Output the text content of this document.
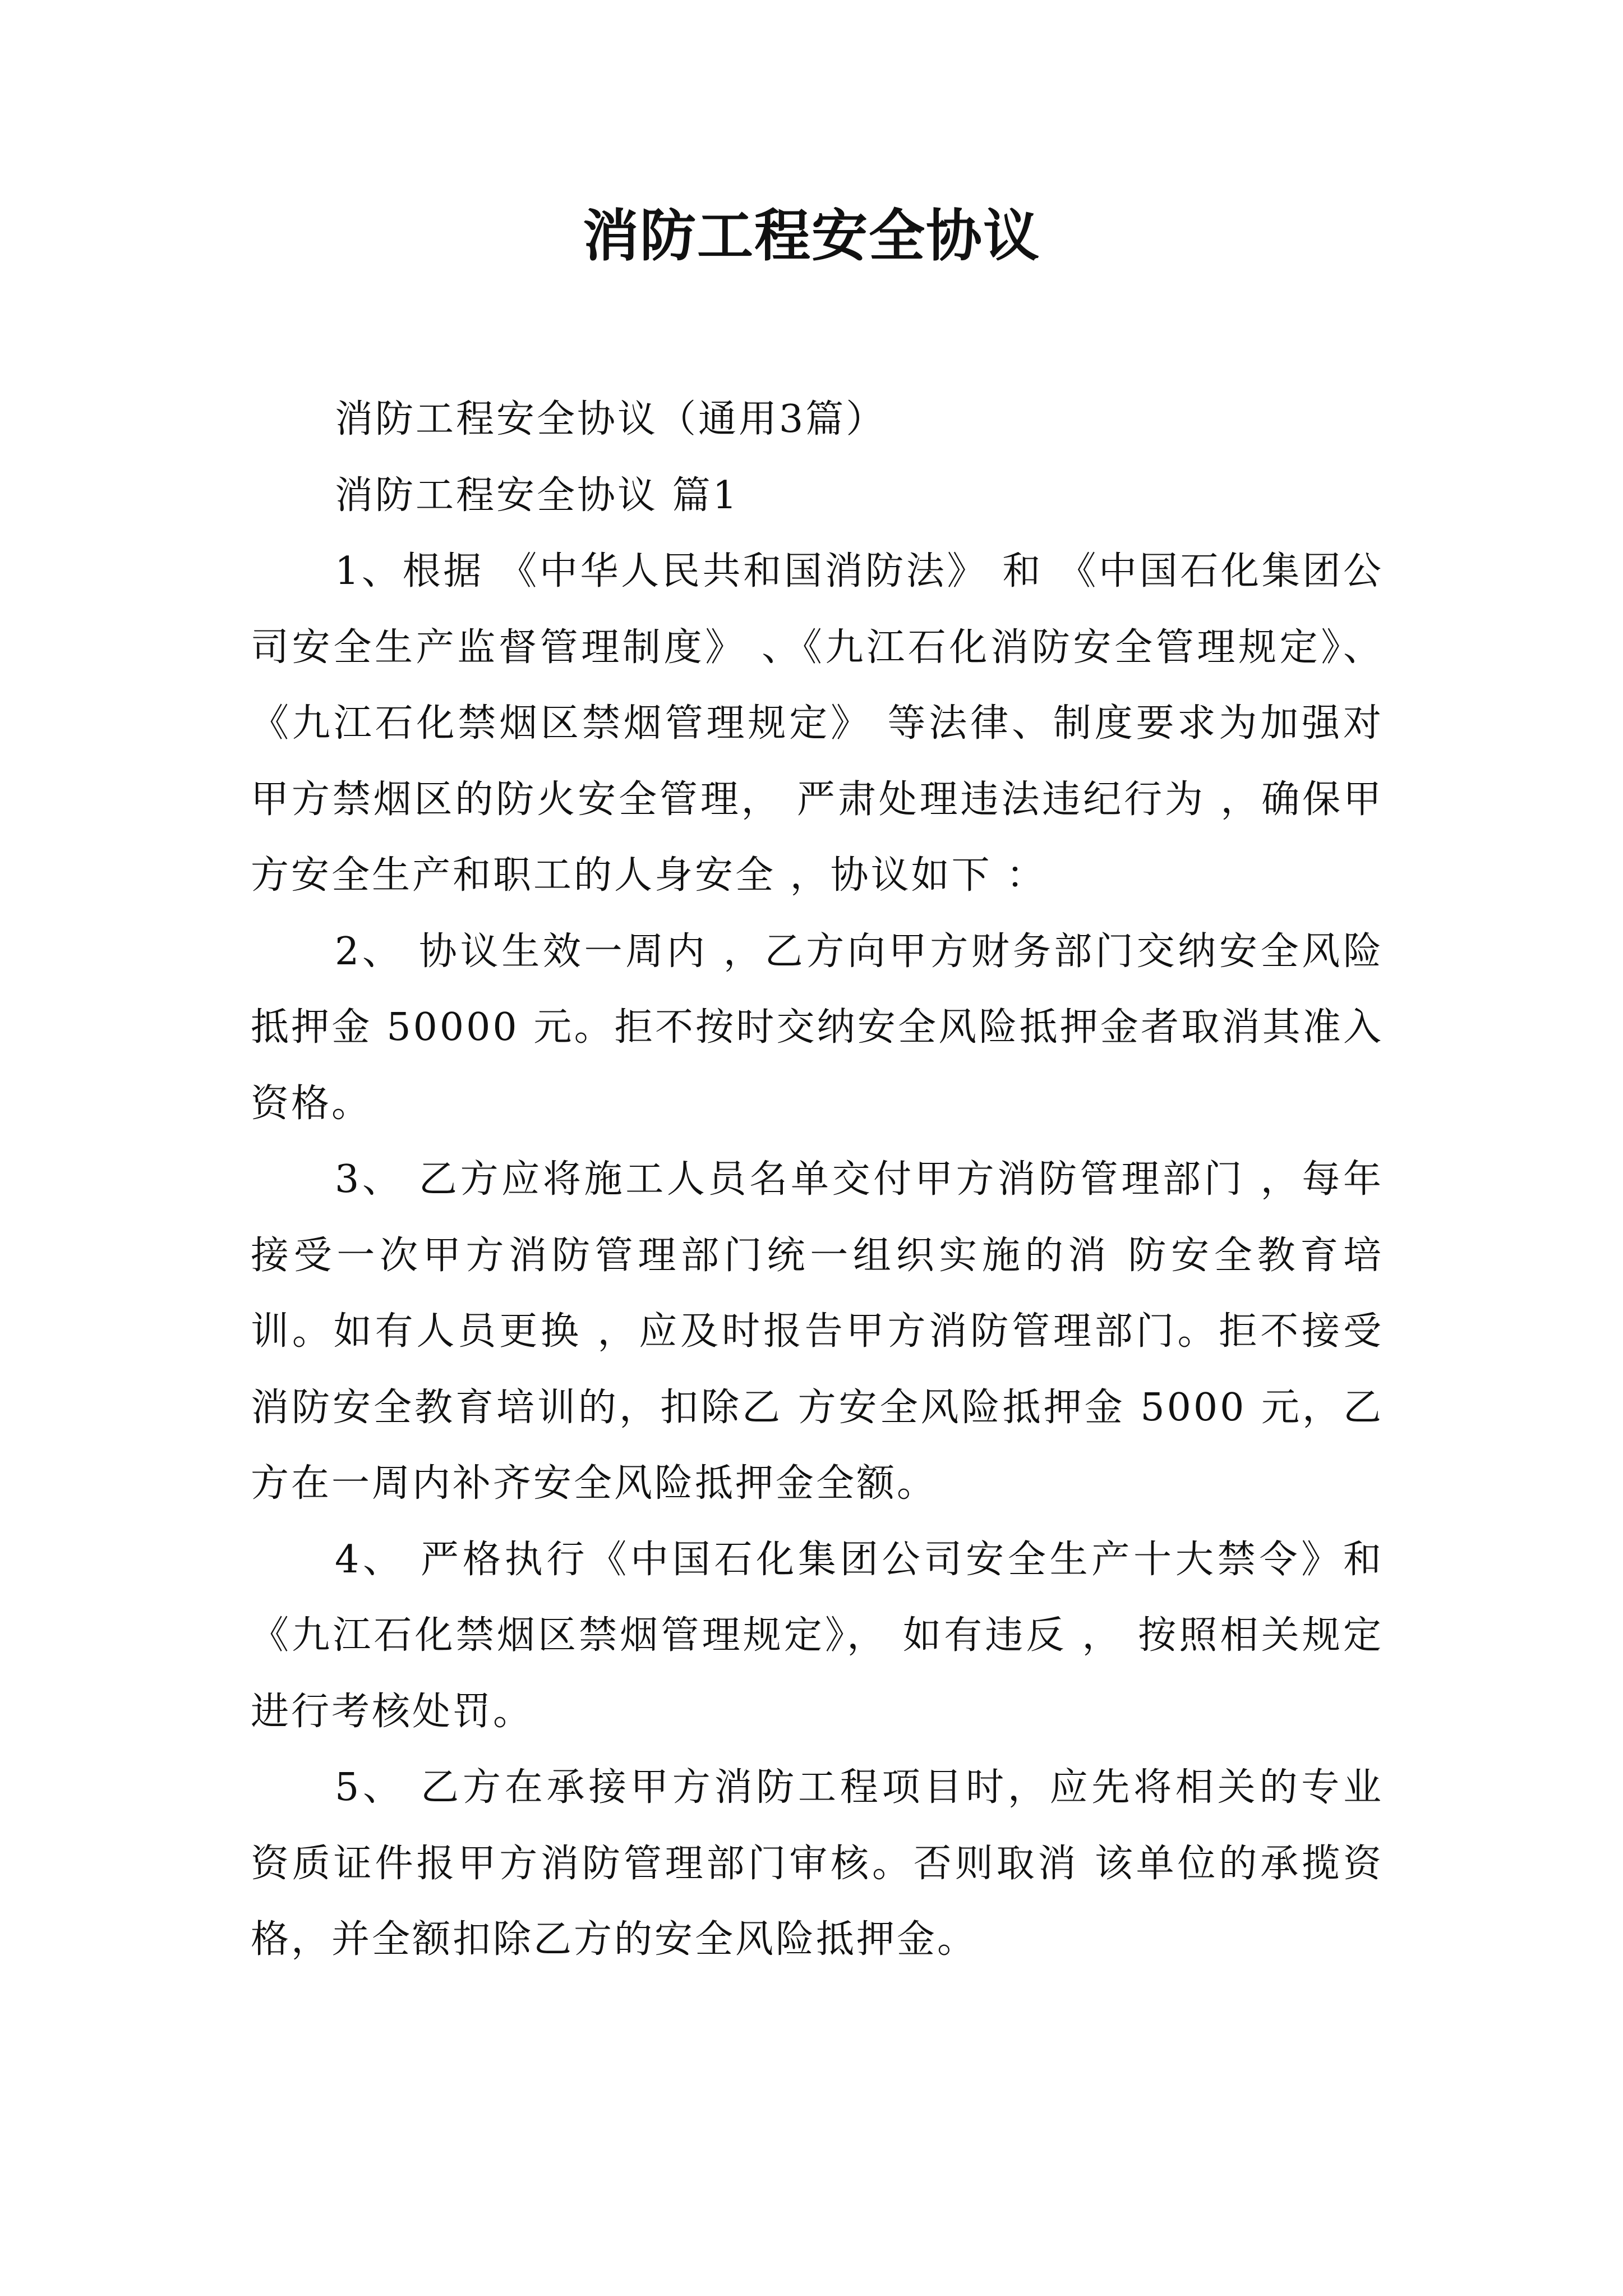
消防工程安全协议

消防工程安全协议（通用3篇）

消防工程安全协议 篇1

1、根据 《中华人民共和国消防法》 和 《中国石化集团公司安全生产监督管理制度》 、《九江石化消防安全管理规定》、《九江石化禁烟区禁烟管理规定》 等法律、制度要求为加强对甲方禁烟区的防火安全管理， 严肃处理违法违纪行为 ，确保甲方安全生产和职工的人身安全 ，协议如下 ：

2、 协议生效一周内 ，乙方向甲方财务部门交纳安全风险抵押金 50000 元。拒不按时交纳安全风险抵押金者取消其准入资格。

3、 乙方应将施工人员名单交付甲方消防管理部门 ，每年接受一次甲方消防管理部门统一组织实施的消 防安全教育培训。如有人员更换 ，应及时报告甲方消防管理部门。拒不接受消防安全教育培训的，扣除乙 方安全风险抵押金 5000 元，乙方在一周内补齐安全风险抵押金全额。

4、 严格执行《中国石化集团公司安全生产十大禁令》和 《九江石化禁烟区禁烟管理规定》， 如有违反 ， 按照相关规定进行考核处罚。

5、 乙方在承接甲方消防工程项目时，应先将相关的专业资质证件报甲方消防管理部门审核。否则取消 该单位的承揽资格，并全额扣除乙方的安全风险抵押金。
